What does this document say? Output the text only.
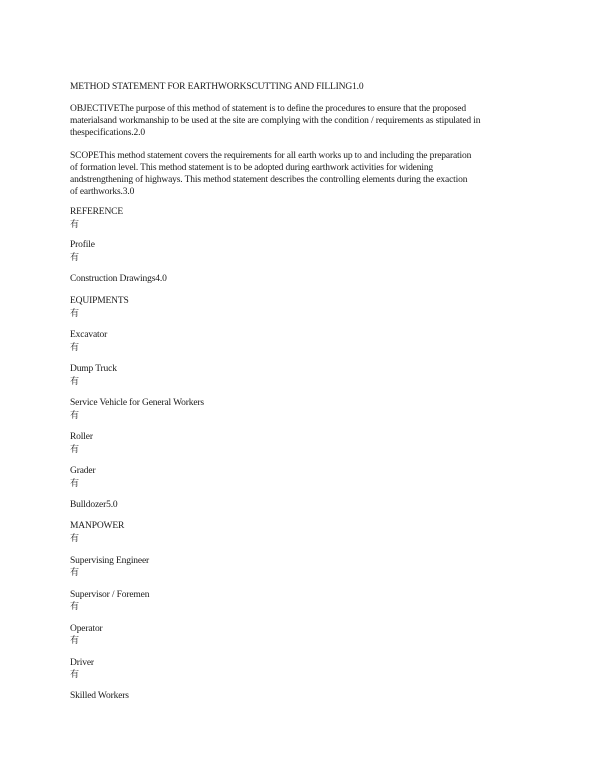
METHOD STATEMENT FOR EARTHWORKSCUTTING AND FILLING1.0
OBJECTIVEThe purpose of this method of statement is to define the procedures to ensure that the proposed
materialsand workmanship to be used at the site are complying with the condition / requirements as stipulated in
thespecifications.2.0
SCOPEThis method statement covers the requirements for all earth works up to and including the preparation
of formation level. This method statement is to be adopted during earthwork activities for widening
andstrengthening of highways. This method statement describes the controlling elements during the exaction
of earthworks.3.0
REFERENCE
有
Profile
有
Construction Drawings4.0
EQUIPMENTS
有
Excavator
有
Dump Truck
有
Service Vehicle for General Workers
有
Roller
有
Grader
有
Bulldozer5.0
MANPOWER
有
Supervising Engineer
有
Supervisor / Foremen
有
Operator
有
Driver
有
Skilled Workers
